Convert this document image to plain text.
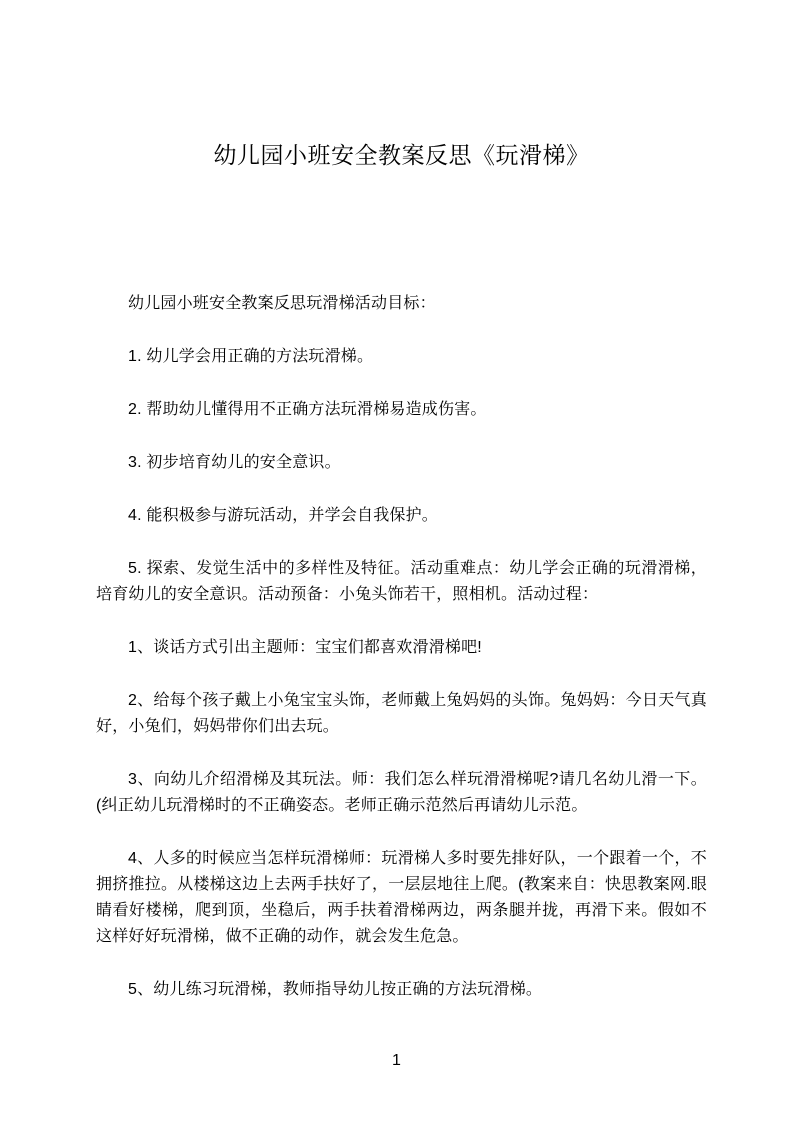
幼儿园小班安全教案反思《玩滑梯》

幼儿园小班安全教案反思玩滑梯活动目标：

1. 幼儿学会用正确的方法玩滑梯。

2. 帮助幼儿懂得用不正确方法玩滑梯易造成伤害。

3. 初步培育幼儿的安全意识。

4. 能积极参与游玩活动，并学会自我保护。

5. 探索、发觉生活中的多样性及特征。活动重难点：幼儿学会正确的玩滑滑梯，培育幼儿的安全意识。活动预备：小兔头饰若干，照相机。活动过程：

1、谈话方式引出主题师：宝宝们都喜欢滑滑梯吧!

2、给每个孩子戴上小兔宝宝头饰，老师戴上兔妈妈的头饰。兔妈妈：今日天气真好，小兔们，妈妈带你们出去玩。

3、向幼儿介绍滑梯及其玩法。师：我们怎么样玩滑滑梯呢?请几名幼儿滑一下。(纠正幼儿玩滑梯时的不正确姿态。老师正确示范然后再请幼儿示范。

4、人多的时候应当怎样玩滑梯师：玩滑梯人多时要先排好队，一个跟着一个，不拥挤推拉。从楼梯这边上去两手扶好了，一层层地往上爬。(教案来自：快思教案网.眼睛看好楼梯，爬到顶，坐稳后，两手扶着滑梯两边，两条腿并拢，再滑下来。假如不这样好好玩滑梯，做不正确的动作，就会发生危急。

5、幼儿练习玩滑梯，教师指导幼儿按正确的方法玩滑梯。

1
